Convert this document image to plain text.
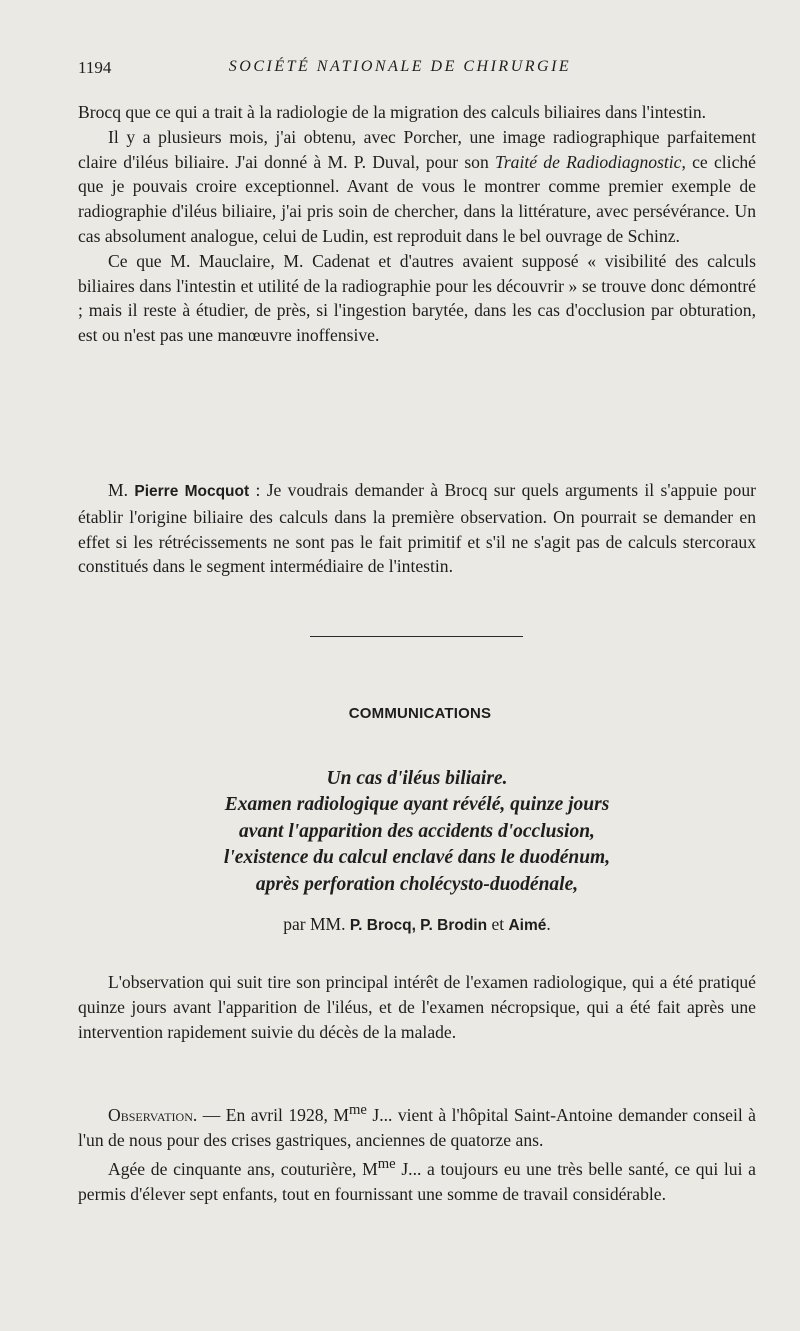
1194	SOCIÉTÉ NATIONALE DE CHIRURGIE

Brocq que ce qui a trait à la radiologie de la migration des calculs biliaires dans l'intestin.

Il y a plusieurs mois, j'ai obtenu, avec Porcher, une image radiographique parfaitement claire d'iléus biliaire. J'ai donné à M. P. Duval, pour son Traité de Radiodiagnostic, ce cliché que je pouvais croire exceptionnel. Avant de vous le montrer comme premier exemple de radiographie d'iléus biliaire, j'ai pris soin de chercher, dans la littérature, avec persévérance. Un cas absolument analogue, celui de Ludin, est reproduit dans le bel ouvrage de Schinz.

Ce que M. Mauclaire, M. Cadenat et d'autres avaient supposé « visibilité des calculs biliaires dans l'intestin et utilité de la radiographie pour les découvrir » se trouve donc démontré ; mais il reste à étudier, de près, si l'ingestion barytée, dans les cas d'occlusion par obturation, est ou n'est pas une manœuvre inoffensive.

M. Pierre Mocquot : Je voudrais demander à Brocq sur quels arguments il s'appuie pour établir l'origine biliaire des calculs dans la première observation. On pourrait se demander en effet si les rétrécissements ne sont pas le fait primitif et s'il ne s'agit pas de calculs stercoraux constitués dans le segment intermédiaire de l'intestin.

COMMUNICATIONS
Un cas d'iléus biliaire.
Examen radiologique ayant révélé, quinze jours
avant l'apparition des accidents d'occlusion,
l'existence du calcul enclavé dans le duodénum,
après perforation cholécysto-duodénale,
par MM. P. Brocq, P. Brodin et Aimé.

L'observation qui suit tire son principal intérêt de l'examen radiologique, qui a été pratiqué quinze jours avant l'apparition de l'iléus, et de l'examen nécropsique, qui a été fait après une intervention rapidement suivie du décès de la malade.

Observation. — En avril 1928, $M^{me}$ J... vient à l'hôpital Saint-Antoine demander conseil à l'un de nous pour des crises gastriques, anciennes de quatorze ans.

Agée de cinquante ans, couturière, $M^{me}$ J... a toujours eu une très belle santé, ce qui lui a permis d'élever sept enfants, tout en fournissant une somme de travail considérable.
